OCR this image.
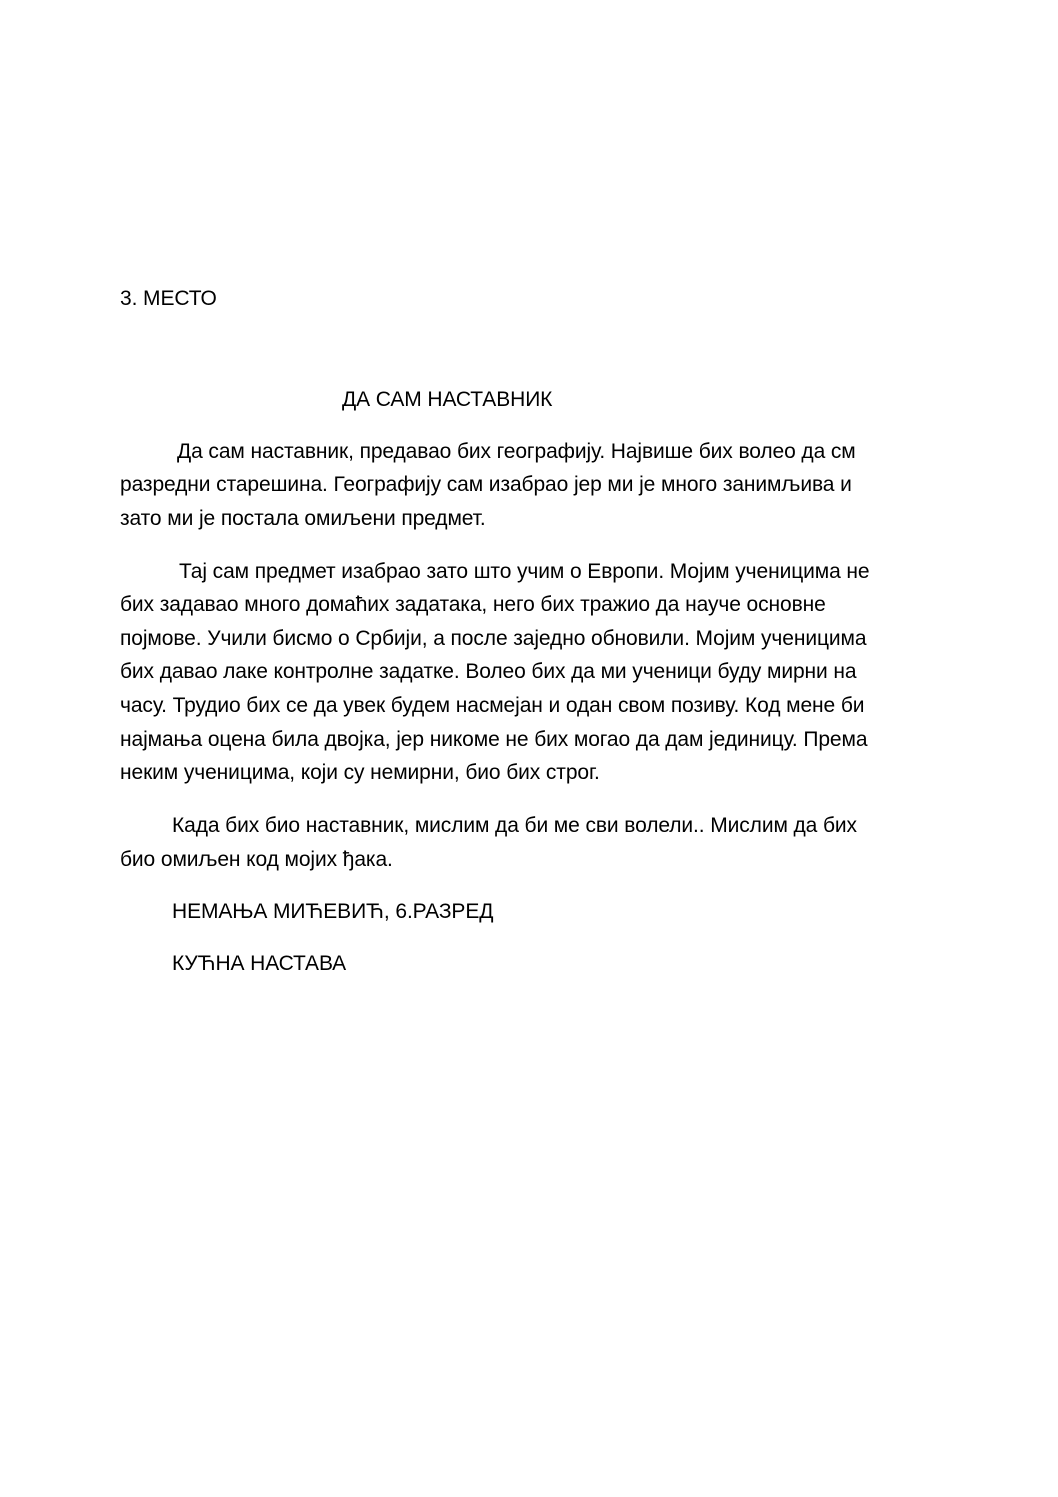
3. МЕСТО
ДА САМ НАСТАВНИК
Да сам наставник, предавао бих географију. Највише бих волео да см
разредни старешина. Географију сам изабрао јер ми је много занимљива и
зато ми је постала омиљени предмет.
Тај сам предмет изабрао зато што учим о Европи. Мојим ученицима не
бих задавао много домаћих задатака, него бих тражио да науче основне
појмове. Учили бисмо о Србији, а после заједно обновили. Мојим ученицима
бих давао лаке контролне задатке. Волео бих да ми ученици буду мирни на
часу. Трудио бих се да увек будем насмејан и одан свом позиву. Код мене би
најмања оцена била двојка, јер никоме не бих могао да дам јединицу. Према
неким ученицима, који су немирни, био бих строг.
Када бих био наставник, мислим да би ме сви волели.. Мислим да бих
био омиљен код мојих ђака.
НЕМАЊА МИЋЕВИЋ, 6.РАЗРЕД
КУЋНА НАСТАВА
